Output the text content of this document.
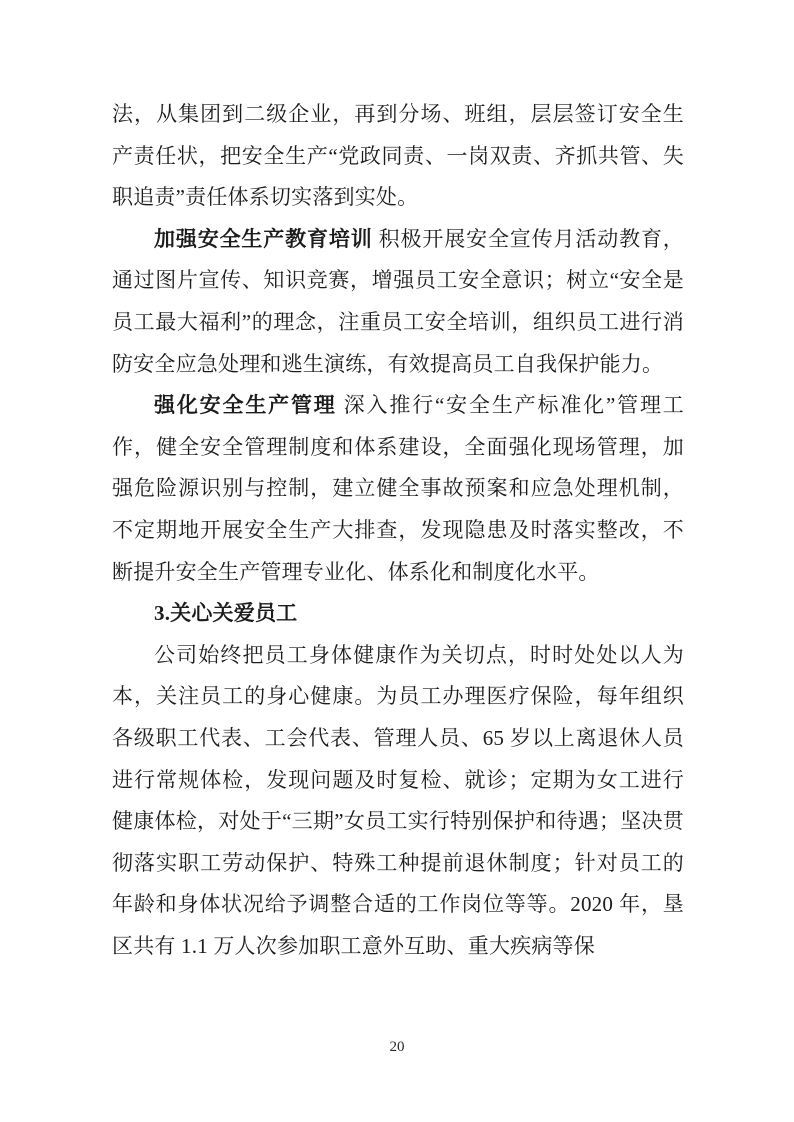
法，从集团到二级企业，再到分场、班组，层层签订安全生产责任状，把安全生产“党政同责、一岗双责、齐抓共管、失职追责”责任体系切实落到实处。

加强安全生产教育培训 积极开展安全宣传月活动教育，通过图片宣传、知识竞赛，增强员工安全意识；树立“安全是员工最大福利”的理念，注重员工安全培训，组织员工进行消防安全应急处理和逃生演练，有效提高员工自我保护能力。

强化安全生产管理 深入推行“安全生产标准化”管理工作，健全安全管理制度和体系建设，全面强化现场管理，加强危险源识别与控制，建立健全事故预案和应急处理机制，不定期地开展安全生产大排查，发现隐患及时落实整改，不断提升安全生产管理专业化、体系化和制度化水平。

3.关心关爱员工

公司始终把员工身体健康作为关切点，时时处处以人为本，关注员工的身心健康。为员工办理医疗保险，每年组织各级职工代表、工会代表、管理人员、65 岁以上离退休人员进行常规体检，发现问题及时复检、就诊；定期为女工进行健康体检，对处于“三期”女员工实行特别保护和待遇；坚决贯彻落实职工劳动保护、特殊工种提前退休制度；针对员工的年龄和身体状况给予调整合适的工作岗位等等。2020 年，垦区共有 1.1 万人次参加职工意外互助、重大疾病等保

20
